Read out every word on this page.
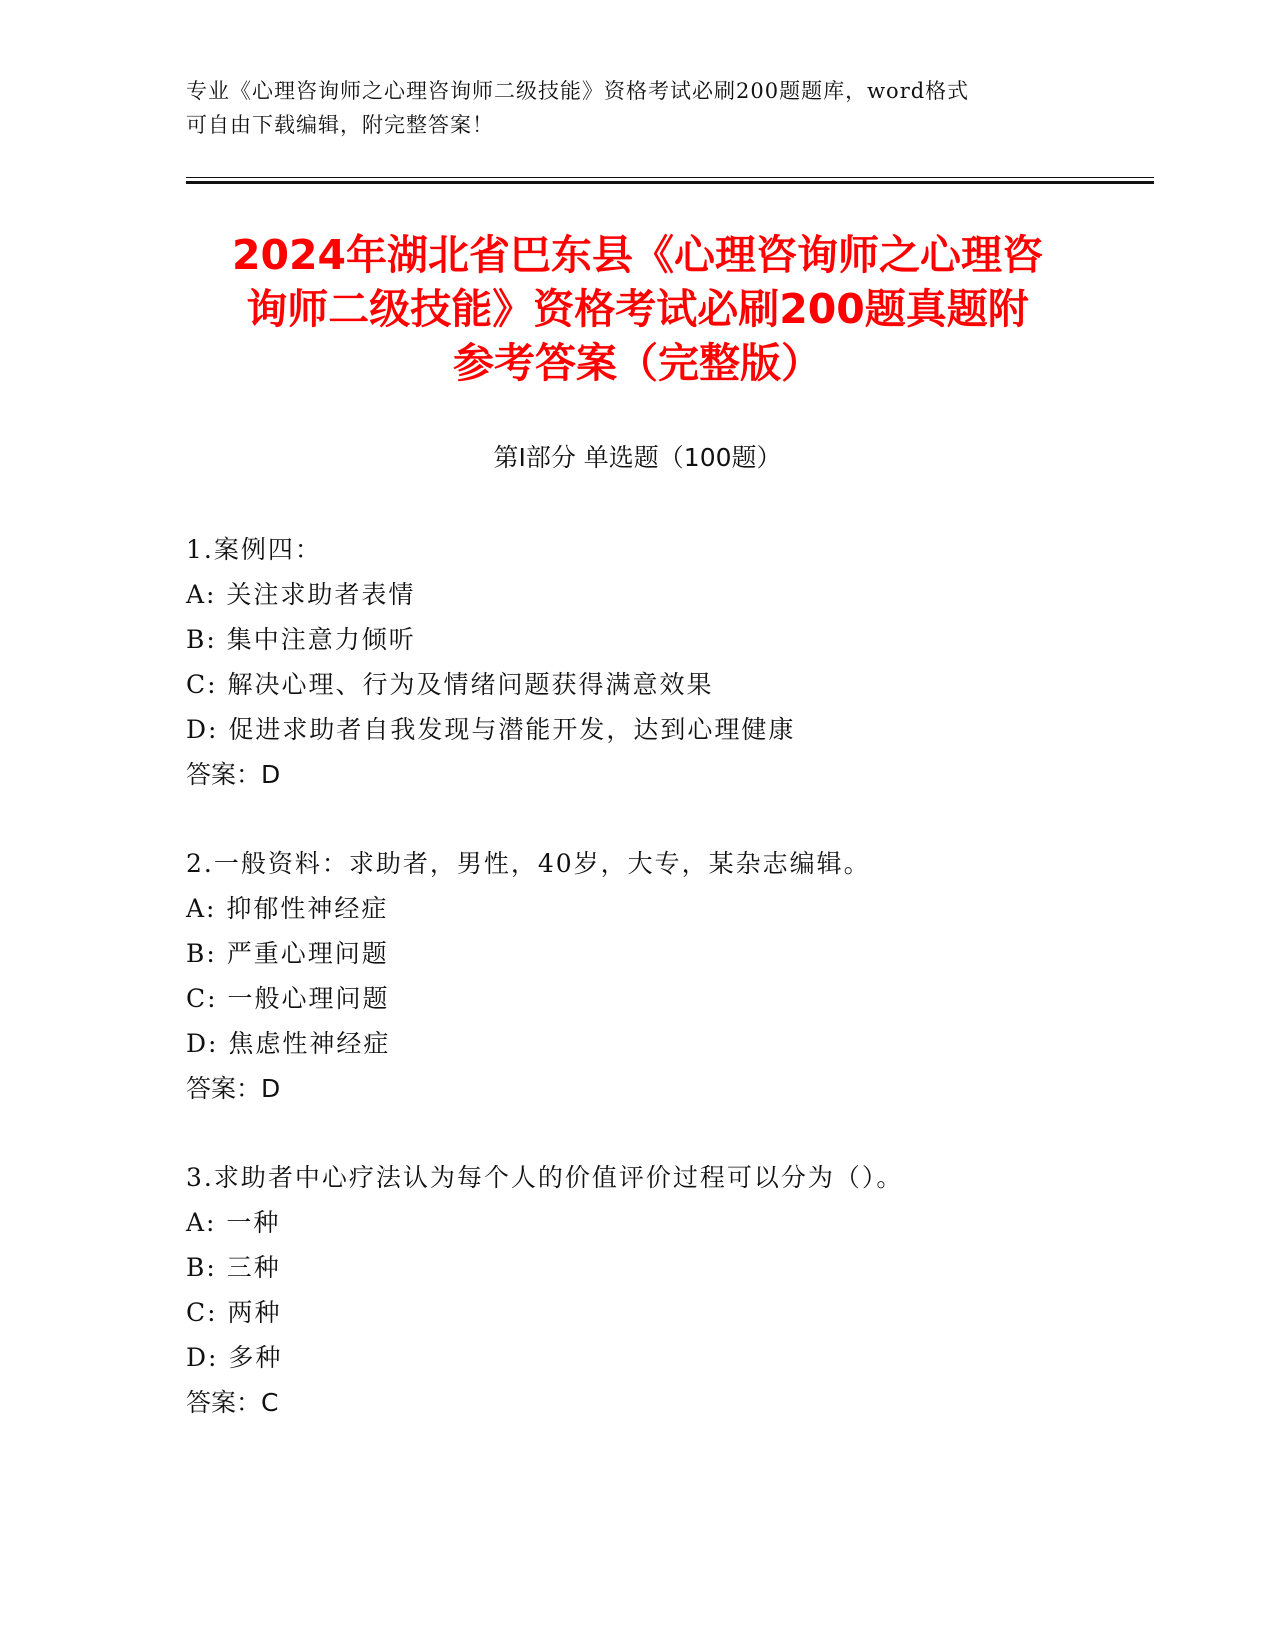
专业《心理咨询师之心理咨询师二级技能》资格考试必刷200题题库，word格式
可自由下载编辑，附完整答案！
2024年湖北省巴东县《心理咨询师之心理咨
询师二级技能》资格考试必刷200题真题附
参考答案（完整版）
第Ⅰ部分 单选题（100题）
1.案例四：
A: 关注求助者表情
B: 集中注意力倾听
C: 解决心理、行为及情绪问题获得满意效果
D: 促进求助者自我发现与潜能开发，达到心理健康
答案：D
2.一般资料：求助者，男性，40岁，大专，某杂志编辑。
A: 抑郁性神经症
B: 严重心理问题
C: 一般心理问题
D: 焦虑性神经症
答案：D
3.求助者中心疗法认为每个人的价值评价过程可以分为（）。
A: 一种
B: 三种
C: 两种
D: 多种
答案：C
